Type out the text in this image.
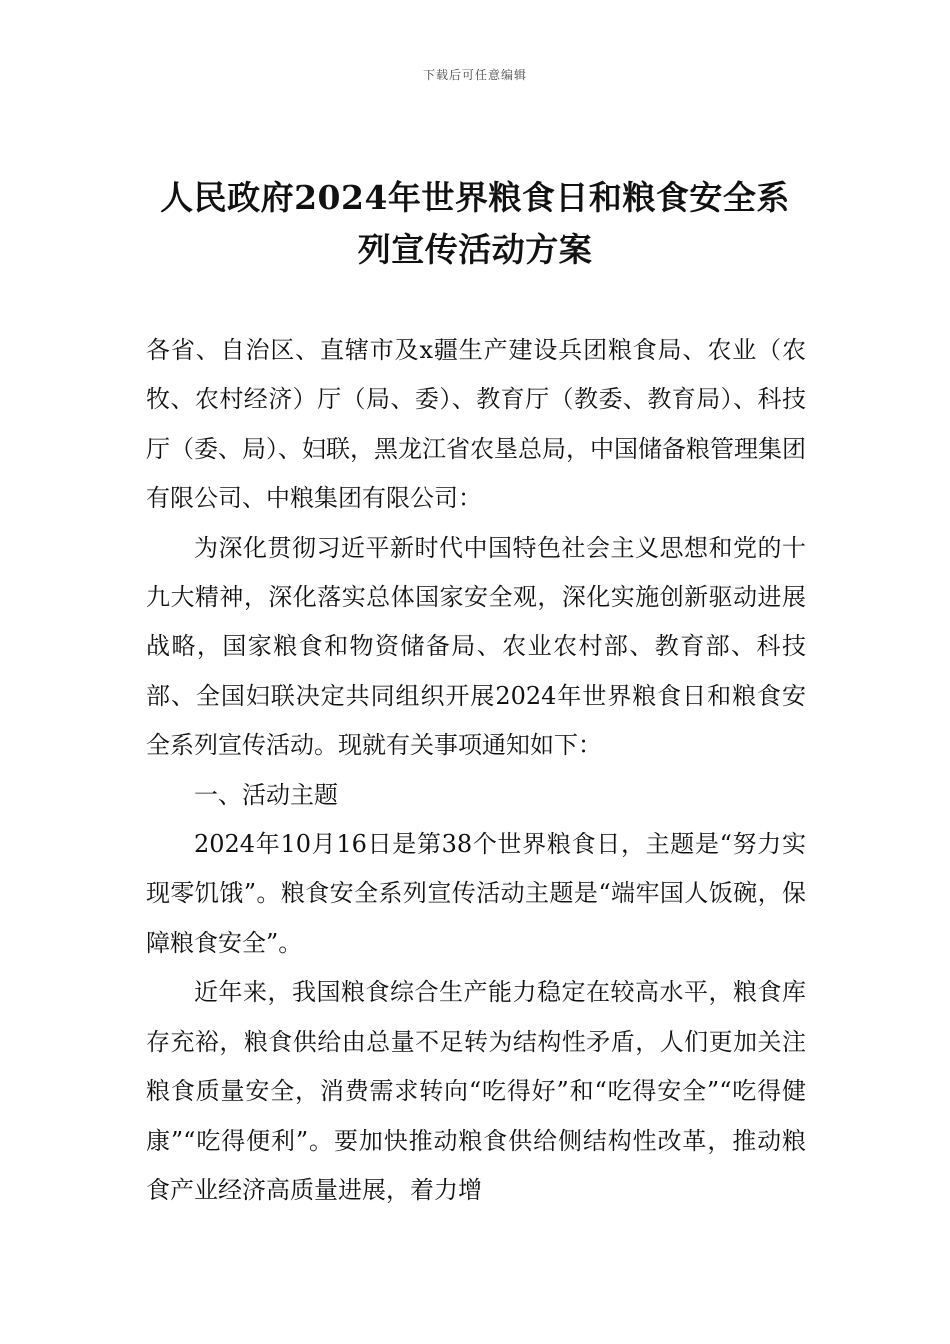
下载后可任意编辑
人民政府2024年世界粮食日和粮食安全系
列宣传活动方案

各省、自治区、直辖市及x疆生产建设兵团粮食局、农业（农牧、农村经济）厅（局、委）、教育厅（教委、教育局）、科技厅（委、局）、妇联，黑龙江省农垦总局，中国储备粮管理集团有限公司、中粮集团有限公司：

为深化贯彻习近平新时代中国特色社会主义思想和党的十九大精神，深化落实总体国家安全观，深化实施创新驱动进展战略，国家粮食和物资储备局、农业农村部、教育部、科技部、全国妇联决定共同组织开展2024年世界粮食日和粮食安全系列宣传活动。现就有关事项通知如下：

一、活动主题

2024年10月16日是第38个世界粮食日，主题是“努力实现零饥饿”。粮食安全系列宣传活动主题是“端牢国人饭碗，保障粮食安全”。

近年来，我国粮食综合生产能力稳定在较高水平，粮食库存充裕，粮食供给由总量不足转为结构性矛盾，人们更加关注粮食质量安全，消费需求转向“吃得好”和“吃得安全”“吃得健康”“吃得便利”。要加快推动粮食供给侧结构性改革，推动粮食产业经济高质量进展，着力增
